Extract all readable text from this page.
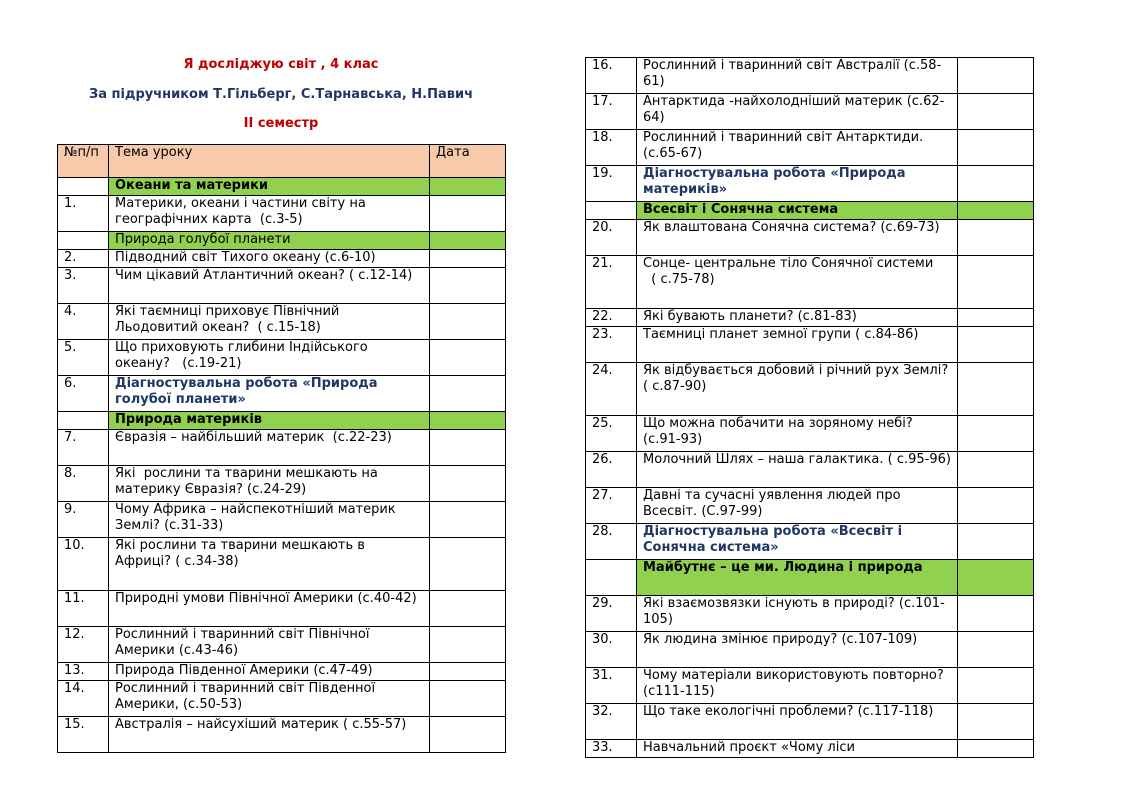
Я досліджую світ , 4 клас
За підручником Т.Гільберг, С.Тарнавська, Н.Павич
ІІ семестр
№п/п	Тема уроку	Дата
	Океани та материки	
1.	Материки, океани і частини світу на географічних карта  (с.3-5)	
	Природа голубої планети	
2.	Підводний світ Тихого океану (с.6-10)	
3.	Чим цікавий Атлантичний океан? ( с.12-14)	
4.	Які таємниці приховує Північний Льодовитий океан?  ( с.15-18)	
5.	Що приховують глибини Індійського океану?   (с.19-21)	
6.	Діагностувальна робота «Природа голубої планети»	
	Природа материків	
7.	Євразія – найбільший материк  (с.22-23)	
8.	Які  рослини та тварини мешкають на материку Євразія? (с.24-29)	
9.	Чому Африка – найспекотніший материк Землі? (с.31-33)	
10.	Які рослини та тварини мешкають в Африці? ( с.34-38)	
11.	Природні умови Північної Америки (с.40-42)	
12.	Рослинний і тваринний світ Північної Америки (с.43-46)	
13.	Природа Південної Америки (с.47-49)	
14.	Рослинний і тваринний світ Південної Америки, (с.50-53)	
15.	Австралія – найсухіший материк ( с.55-57)	
16.	Рослинний і тваринний світ Австралії (с.58-61)	
17.	Антарктида -найхолодніший материк (с.62-64)	
18.	Рослинний і тваринний світ Антарктиди.(с.65-67)	
19.	Діагностувальна робота «Природа материків»	
	Всесвіт і Сонячна система	
20.	Як влаштована Сонячна система? (с.69-73)	
21.	Сонце- центральне тіло Сонячної системи
( с.75-78)	
22.	Які бувають планети? (с.81-83)	
23.	Таємниці планет земної групи ( с.84-86)	
24.	Як відбувається добовий і річний рух Землі? ( с.87-90)	
25.	Що можна побачити на зоряному небі?  (с.91-93)	
26.	Молочний Шлях – наша галактика. ( с.95-96)	
27.	Давні та сучасні уявлення людей про Всесвіт. (С.97-99)	
28.	Діагностувальна робота «Всесвіт і Сонячна система»	
	Майбутнє – це ми. Людина і природа	
29.	Які взаємозвязки існують в природі? (с.101-105)	
30.	Як людина змінює природу? (с.107-109)	
31.	Чому матеріали використовують повторно? (с111-115)	
32.	Що таке екологічні проблеми? (с.117-118)	
33.	Навчальний проєкт «Чому ліси	
